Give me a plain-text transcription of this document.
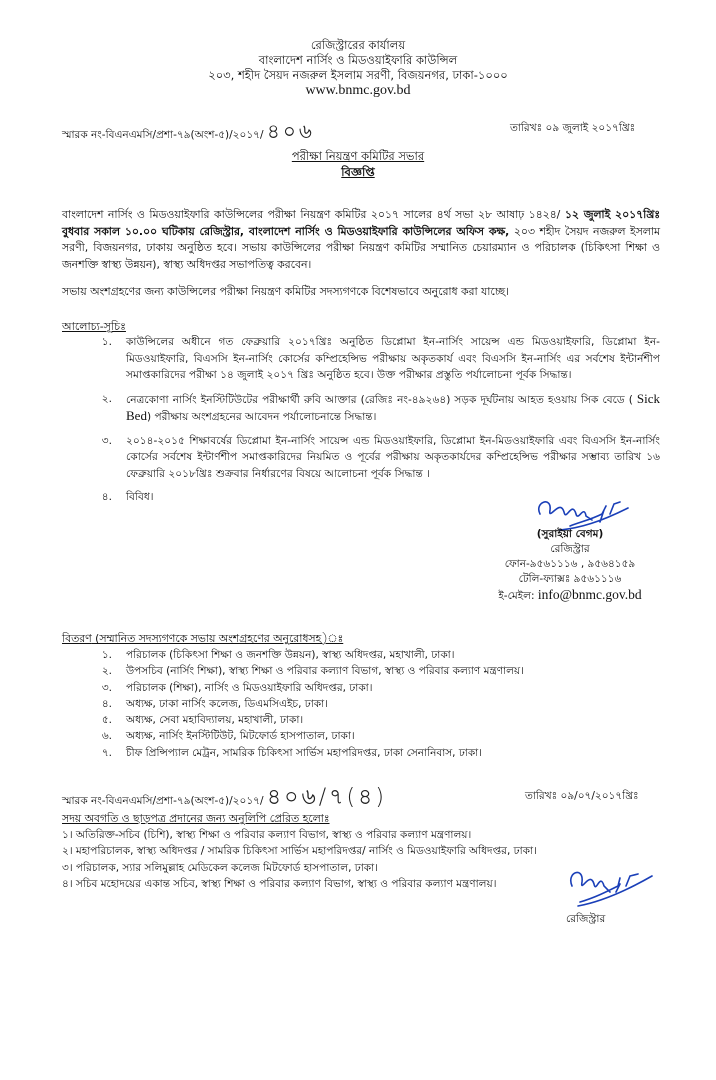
রেজিস্ট্রারের কার্যালয়
বাংলাদেশ নার্সিং ও মিডওয়াইফারি কাউন্সিল
২০৩, শহীদ সৈয়দ নজরুল ইসলাম সরণী, বিজয়নগর, ঢাকা-১০০০
www.bnmc.gov.bd
স্মারক নং-বিএনএমসি/প্রশা-৭৯(অংশ-৫)/২০১৭/ ৪০৬	তারিখঃ ০৯ জুলাই ২০১৭খ্রিঃ
পরীক্ষা নিয়ন্ত্রণ কমিটির সভার
বিজ্ঞপ্তি
বাংলাদেশ নার্সিং ও মিডওয়াইফারি কাউন্সিলের পরীক্ষা নিয়ন্ত্রণ কমিটির ২০১৭ সালের ৪র্থ সভা ২৮ আষাঢ় ১৪২৪/ ১২ জুলাই ২০১৭খ্রিঃ বুধবার সকাল ১০.০০ ঘটিকায় রেজিস্ট্রার, বাংলাদেশ নার্সিং ও মিডওয়াইফারি কাউন্সিলের অফিস কক্ষ, ২০৩ শহীদ সৈয়দ নজরুল ইসলাম সরণী, বিজয়নগর, ঢাকায় অনুষ্ঠিত হবে। সভায় কাউন্সিলের পরীক্ষা নিয়ন্ত্রণ কমিটির সম্মানিত চেয়ারম্যান ও পরিচালক (চিকিৎসা শিক্ষা ও জনশক্তি স্বাস্থ্য উন্নয়ন), স্বাস্থ্য অধিদপ্তর সভাপতিত্ব করবেন।
সভায় অংশগ্রহণের জন্য কাউন্সিলের পরীক্ষা নিয়ন্ত্রণ কমিটির সদস্যগণকে বিশেষভাবে অনুরোধ করা যাচ্ছে।
আলোচ্য-সূচিঃ
১.	কাউন্সিলের অধীনে গত ফেব্রুয়ারি ২০১৭খ্রিঃ অনুষ্ঠিত ডিপ্লোমা ইন-নার্সিং সায়েন্স এন্ড মিডওয়াইফারি, ডিপ্লোমা ইন-মিডওয়াইফারি, বিএসসি ইন-নার্সিং কোর্সের কম্প্রিহেন্সিভ পরীক্ষায় অকৃতকার্য এবং বিএসসি ইন-নার্সিং এর সর্বশেষ ইন্টার্নশীপ সমাপ্তকারিদের পরীক্ষা ১৪ জুলাই ২০১৭ খ্রিঃ অনুষ্ঠিত হবে। উক্ত পরীক্ষার প্রস্তুতি পর্যালোচনা পূর্বক সিদ্ধান্ত।
২.	নেত্রকোণা নার্সিং ইনস্টিটিউটের পরীক্ষার্থী রুবি আক্তার (রেজিঃ নং-৪৯২৬৪) সড়ক দূর্ঘটনায় আহত হওয়ায় সিক বেডে ( Sick Bed) পরীক্ষায় অংশগ্রহনের আবেদন পর্যালোচনান্তে সিদ্ধান্ত।
৩.	২০১৪-২০১৫ শিক্ষাবর্ষের ডিপ্লোমা ইন-নার্সিং সায়েন্স এন্ড মিডওয়াইফারি, ডিপ্লোমা ইন-মিডওয়াইফারি এবং বিএসসি ইন-নার্সিং কোর্সের সর্বশেষ ইন্টার্ণশীপ সমাপ্তকারিদের নিয়মিত ও পূর্বের পরীক্ষায় অকৃতকার্যদের কম্প্রিহেন্সিভ পরীক্ষার সম্ভাব্য তারিখ ১৬ ফেব্রুয়ারি ২০১৮খ্রিঃ শুক্রবার নির্ধারণের বিষয়ে আলোচনা পূর্বক সিদ্ধান্ত ।
৪.	বিবিধ।
(সুরাইয়া বেগম)
রেজিস্ট্রার
ফোন-৯৫৬১১১৬ , ৯৫৬৪১৫৯
টেলি-ফ্যাক্সঃ ৯৫৬১১১৬
ই-মেইল: info@bnmc.gov.bd
বিতরণ (সম্মানিত সদস্যগণকে সভায় অংশগ্রহণের অনুরোধসহ)ঃ
১.	পরিচালক (চিকিৎসা শিক্ষা ও জনশক্তি উন্নয়ন), স্বাস্থ্য অধিদপ্তর, মহাখালী, ঢাকা।
২.	উপসচিব (নার্সিং শিক্ষা), স্বাস্থ্য শিক্ষা ও পরিবার কল্যাণ বিভাগ, স্বাস্থ্য ও পরিবার কল্যাণ মন্ত্রণালয়।
৩.	পরিচালক (শিক্ষা), নার্সিং ও মিডওয়াইফারি অধিদপ্তর, ঢাকা।
৪.	অধ্যক্ষ, ঢাকা নার্সিং কলেজ, ডিএমসিএইচ, ঢাকা।
৫.	অধ্যক্ষ, সেবা মহাবিদ্যালয়, মহাখালী, ঢাকা।
৬.	অধ্যক্ষ, নার্সিং ইনস্টিটিউট, মিটফোর্ড হাসপাতাল, ঢাকা।
৭.	চীফ প্রিন্সিপ্যাল মেট্রন, সামরিক চিকিৎসা সার্ভিস মহাপরিদপ্তর, ঢাকা সেনানিবাস, ঢাকা।
স্মারক নং-বিএনএমসি/প্রশা-৭৯(অংশ-৫)/২০১৭/ ৪০৬/৭(৪)	তারিখঃ ০৯/০৭/২০১৭খ্রিঃ
সদয় অবগতি ও ছাড়পত্র প্রদানের জন্য অনুলিপি প্রেরিত হলোঃ
১। অতিরিক্ত-সচিব (চিশি), স্বাস্থ্য শিক্ষা ও পরিবার কল্যাণ বিভাগ, স্বাস্থ্য ও পরিবার কল্যাণ মন্ত্রণালয়।
২। মহাপরিচালক, স্বাস্থ্য অধিদপ্তর / সামরিক চিকিৎসা সার্ভিস মহাপরিদপ্তর/ নার্সিং ও মিডওয়াইফারি অধিদপ্তর, ঢাকা।
৩। পরিচালক, স্যার সলিমুল্লাহ মেডিকেল কলেজ মিটফোর্ড হাসপাতাল, ঢাকা।
৪। সচিব মহোদয়ের একান্ত সচিব, স্বাস্থ্য শিক্ষা ও পরিবার কল্যাণ বিভাগ, স্বাস্থ্য ও পরিবার কল্যাণ মন্ত্রণালয়।
রেজিস্ট্রার
